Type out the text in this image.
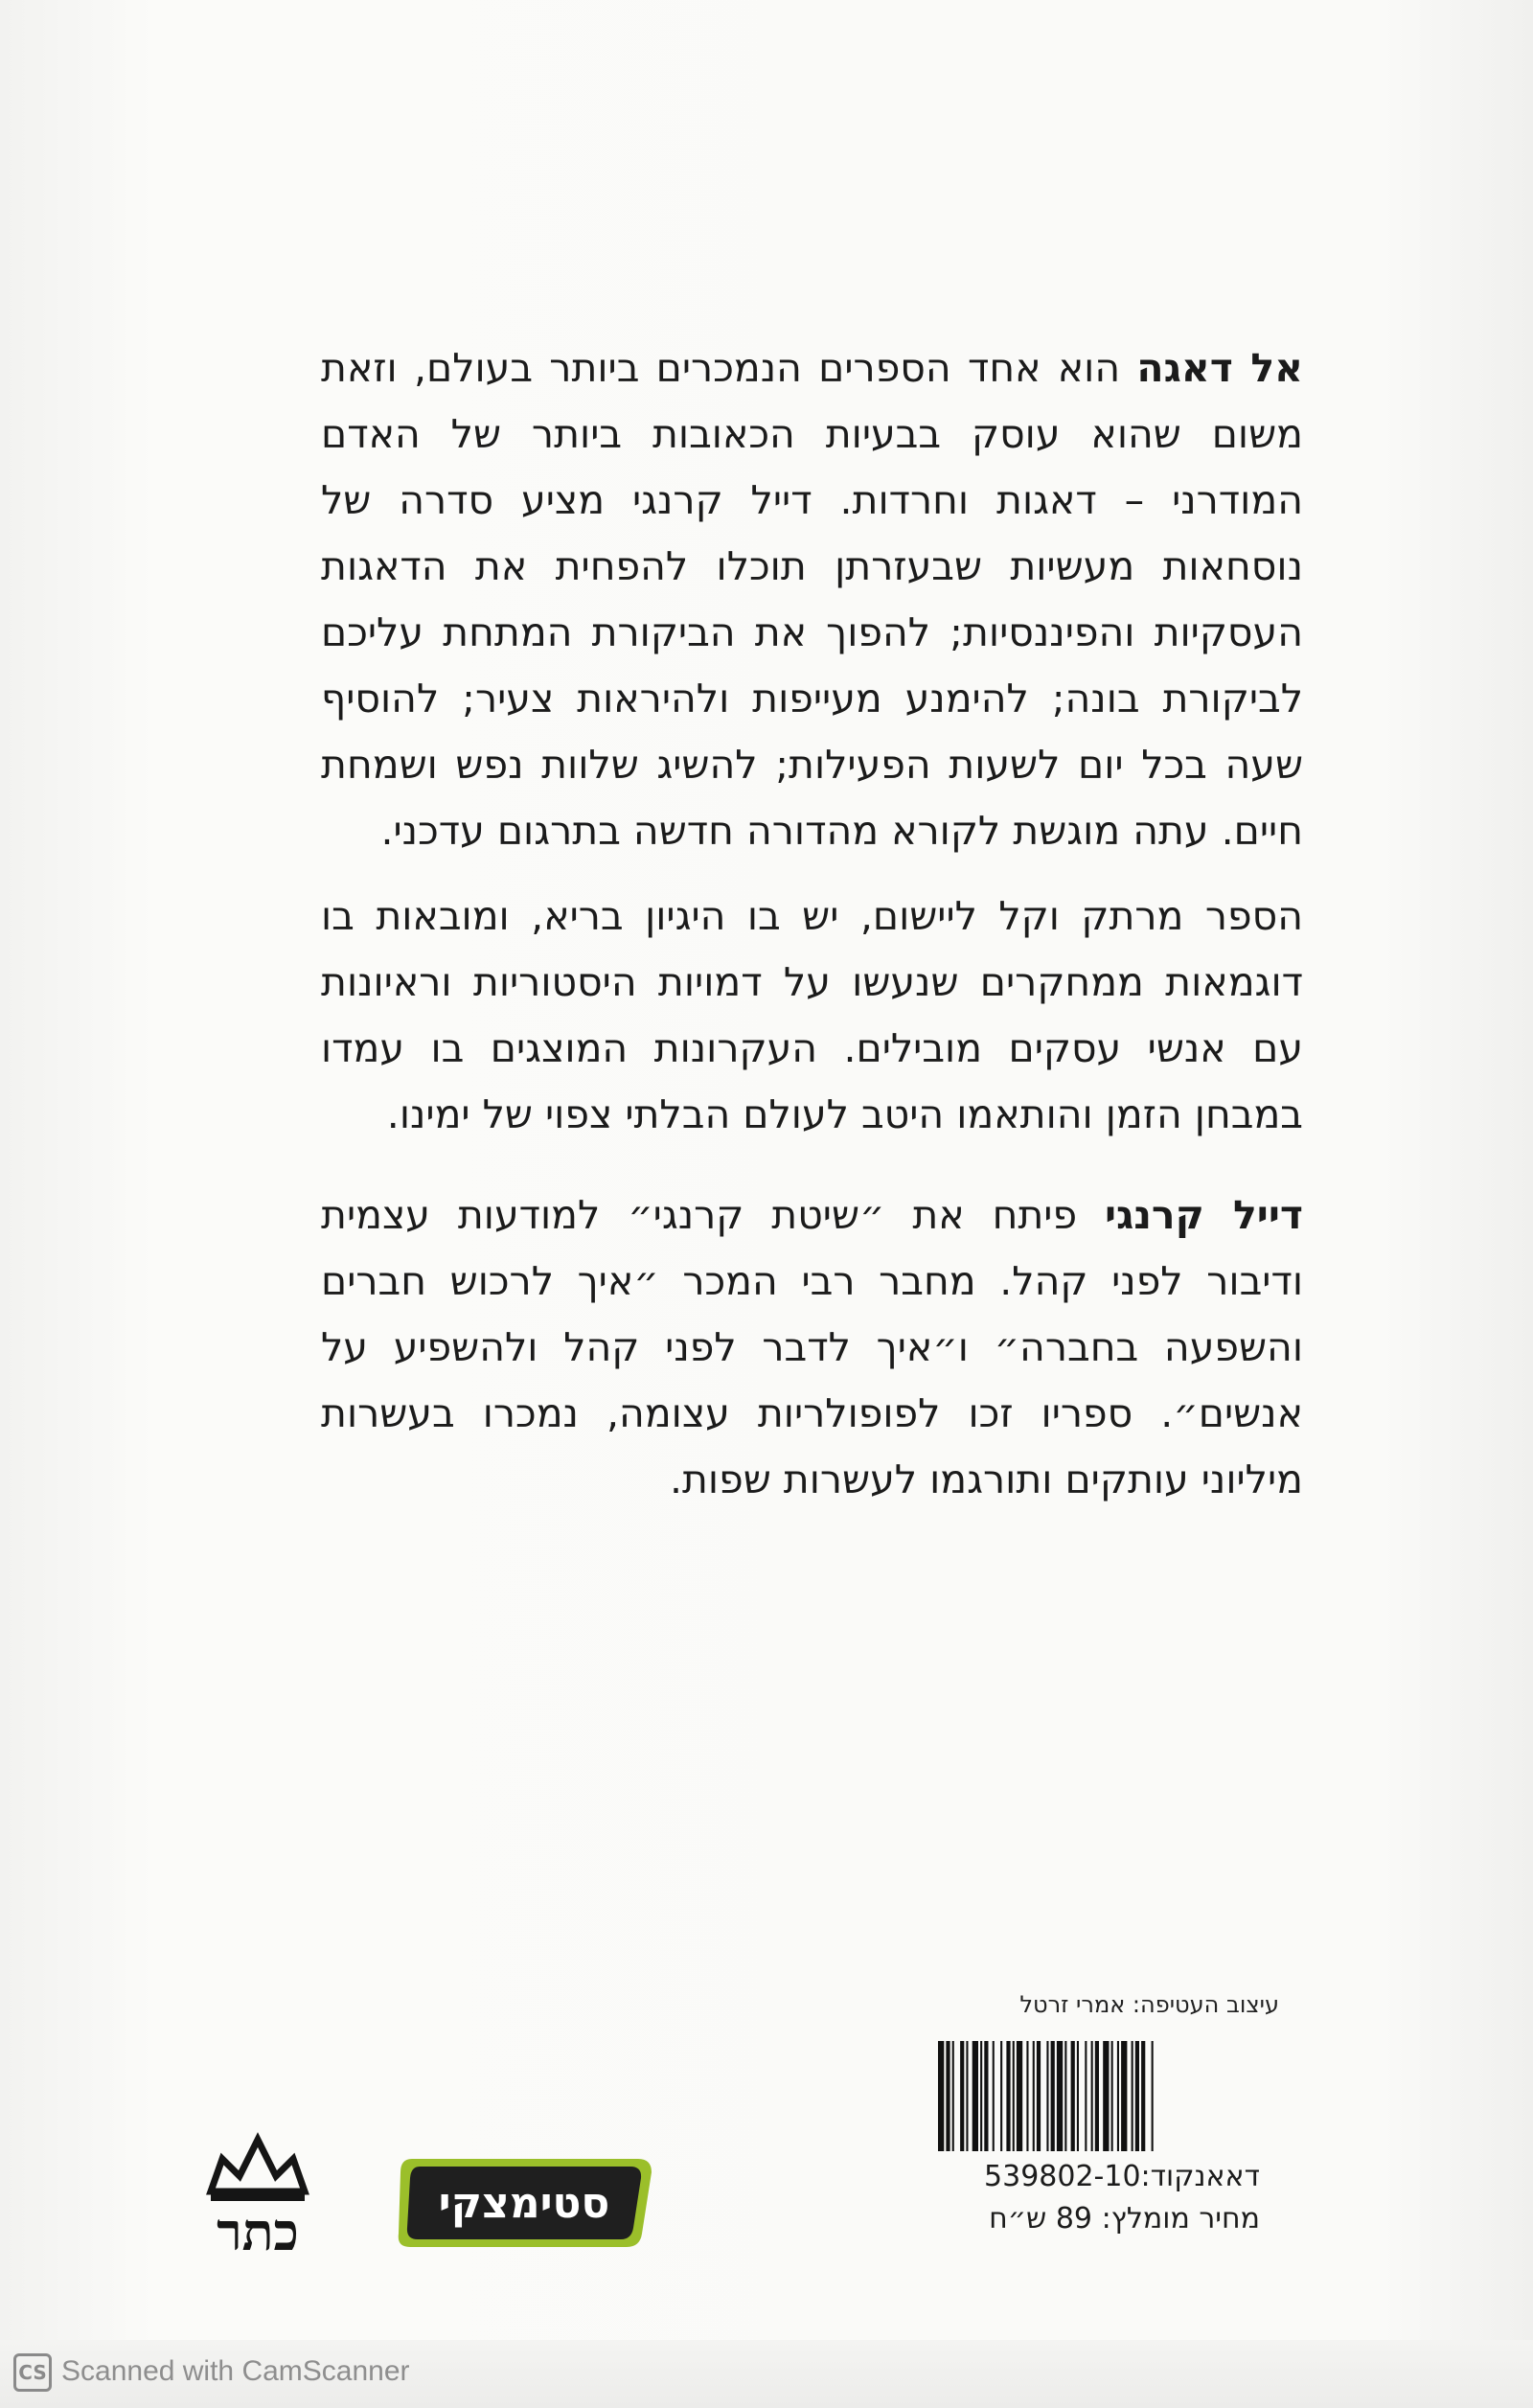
אל דאגה הוא אחד הספרים הנמכרים ביותר בעולם, וזאת משום שהוא עוסק בבעיות הכאובות ביותר של האדם המודרני – דאגות וחרדות. דייל קרנגי מציע סדרה של נוסחאות מעשיות שבעזרתן תוכלו להפחית את הדאגות העסקיות והפיננסיות; להפוך את הביקורת המתחת עליכם לביקורת בונה; להימנע מעייפות ולהיראות צעיר; להוסיף שעה בכל יום לשעות הפעילות; להשיג שלוות נפש ושמחת חיים. עתה מוגשת לקורא מהדורה חדשה בתרגום עדכני.

הספר מרתק וקל ליישום, יש בו היגיון בריא, ומובאות בו דוגמאות ממחקרים שנעשו על דמויות היסטוריות וראיונות עם אנשי עסקים מובילים. העקרונות המוצגים בו עמדו במבחן הזמן והותאמו היטב לעולם הבלתי צפוי של ימינו.

דייל קרנגי פיתח את ״שיטת קרנגי״ למודעות עצמית ודיבור לפני קהל. מחבר רבי המכר ״איך לרכוש חברים והשפעה בחברה״ ו״איך לדבר לפני קהל ולהשפיע על אנשים״. ספריו זכו לפופולריות עצומה, נמכרו בעשרות מיליוני עותקים ותורגמו לעשרות שפות.

עיצוב העטיפה: אמרי זרטל
דאאנקוד:539802-10
מחיר מומלץ: 89 ש״ח
סטימצקי
כתר
CS Scanned with CamScanner
